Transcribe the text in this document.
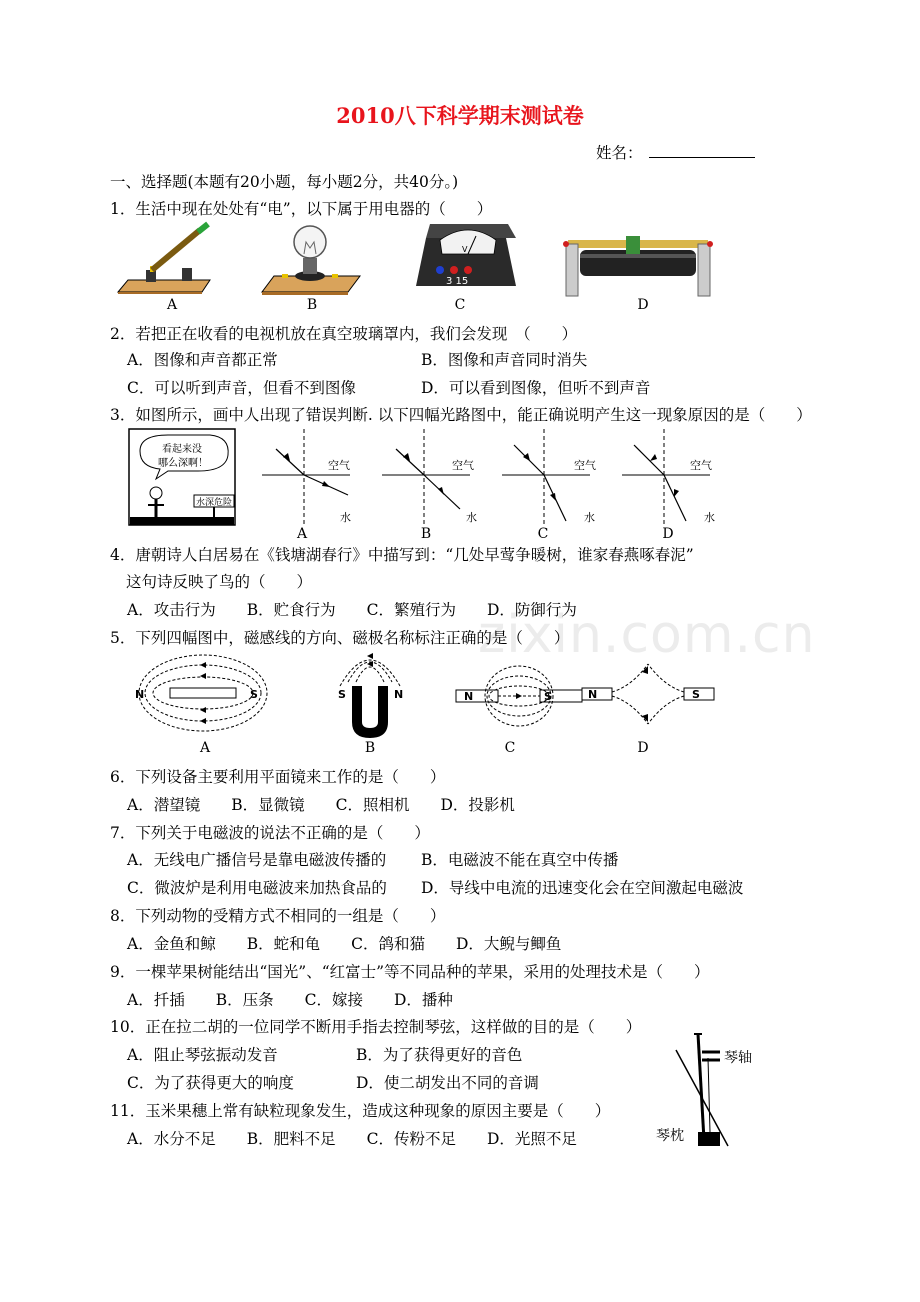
zixin.com.cn
2010八下科学期末测试卷
姓名：
一、选择题(本题有20小题，每小题2分，共40分。)
1．生活中现在处处有“电”，以下属于用电器的（　　）
V
3 15
A	B	C	D
2．若把正在收看的电视机放在真空玻璃罩内，我们会发现　（　　）
A．图像和声音都正常	B．图像和声音同时消失
C．可以听到声音，但看不到图像	D．可以看到图像，但听不到声音
3．如图所示，画中人出现了错误判断. 以下四幅光路图中，能正确说明产生这一现象原因的是（　　）
看起来没
哪么深啊！
水深危险
空气
水
空气
水
空气
水
空气
水
A	B	C	D
4．唐朝诗人白居易在《钱塘湖春行》中描写到：“几处早莺争暖树，谁家春燕啄春泥”
这句诗反映了鸟的（　　）
A．攻击行为　　B．贮食行为　　C．繁殖行为　　D．防御行为
5．下列四幅图中，磁感线的方向、磁极名称标注正确的是（　　）
N	S	S	N	N	S	N	S
A	B	C	D
6．下列设备主要利用平面镜来工作的是（　　）
A．潜望镜　　B．显微镜　　C．照相机　　D．投影机
7．下列关于电磁波的说法不正确的是（　　）
A．无线电广播信号是靠电磁波传播的 B．电磁波不能在真空中传播
C．微波炉是利用电磁波来加热食品的 D．导线中电流的迅速变化会在空间激起电磁波
8．下列动物的受精方式不相同的一组是（　　）
A．金鱼和鲸　　B．蛇和龟　　C．鸽和猫　　D．大鲵与鲫鱼
9．一棵苹果树能结出“国光”、“红富士”等不同品种的苹果，采用的处理技术是（　　）
A．扦插　　B．压条　　C．嫁接　　D．播种
10．正在拉二胡的一位同学不断用手指去控制琴弦，这样做的目的是（　　）
A．阻止琴弦振动发音	B．为了获得更好的音色
C．为了获得更大的响度	D．使二胡发出不同的音调
琴轴
琴枕
11．玉米果穗上常有缺粒现象发生，造成这种现象的原因主要是（　　）
A．水分不足　　B．肥料不足　　C．传粉不足　　D．光照不足
